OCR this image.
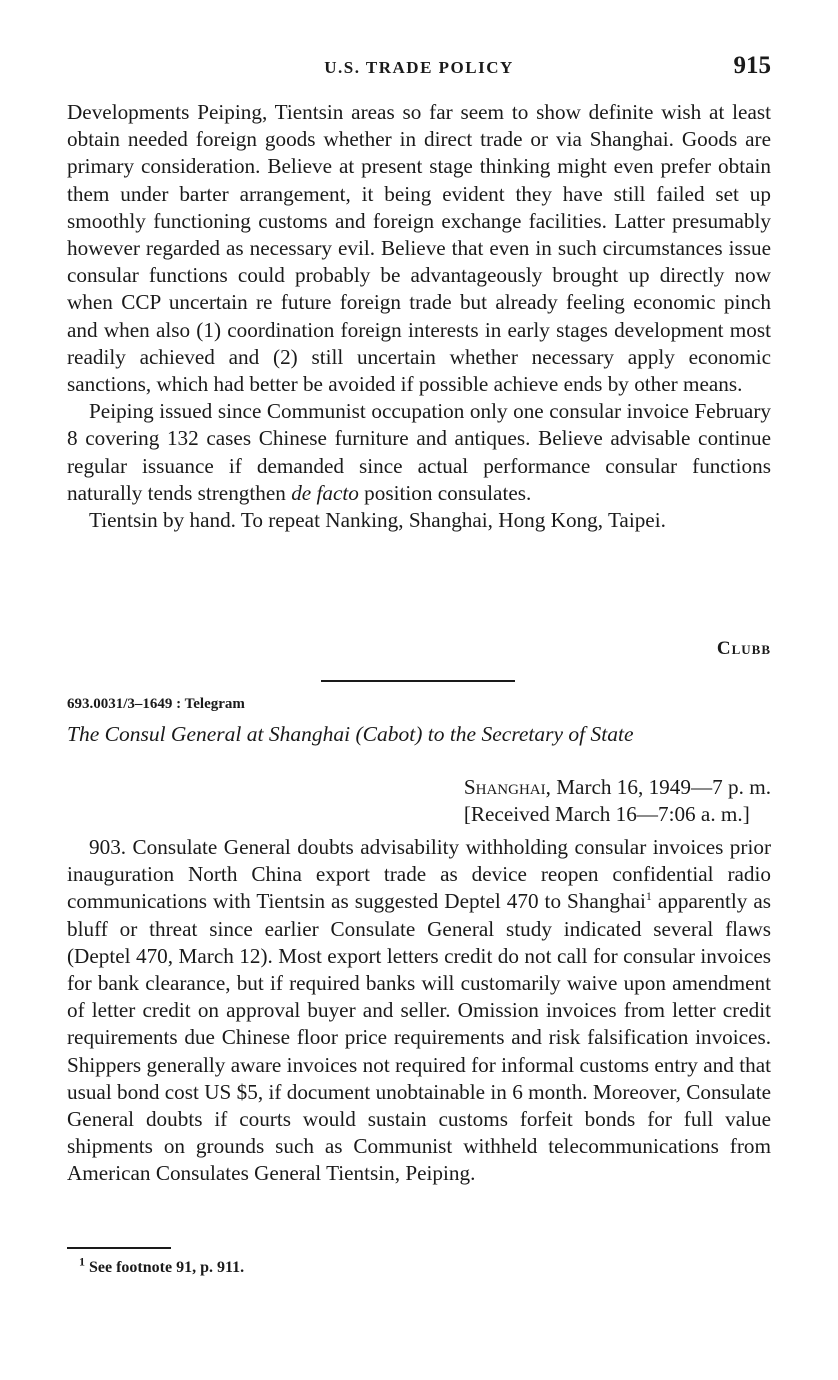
U.S. TRADE POLICY	915

Developments Peiping, Tientsin areas so far seem to show definite wish at least obtain needed foreign goods whether in direct trade or via Shanghai. Goods are primary consideration. Believe at present stage thinking might even prefer obtain them under barter arrangement, it being evident they have still failed set up smoothly functioning customs and foreign exchange facilities. Latter presumably however regarded as necessary evil. Believe that even in such circumstances issue consular functions could probably be advantageously brought up directly now when CCP uncertain re future foreign trade but already feeling economic pinch and when also (1) coordination foreign interests in early stages development most readily achieved and (2) still uncertain whether necessary apply economic sanctions, which had better be avoided if possible achieve ends by other means.

Peiping issued since Communist occupation only one consular invoice February 8 covering 132 cases Chinese furniture and antiques. Believe advisable continue regular issuance if demanded since actual performance consular functions naturally tends strengthen de facto position consulates.

Tientsin by hand. To repeat Nanking, Shanghai, Hong Kong, Taipei.

Clubb
693.0031/3–1649 : Telegram
The Consul General at Shanghai (Cabot) to the Secretary of State
Shanghai, March 16, 1949—7 p. m.
[Received March 16—7:06 a. m.]

903. Consulate General doubts advisability withholding consular invoices prior inauguration North China export trade as device reopen confidential radio communications with Tientsin as suggested Deptel 470 to Shanghai$^1$ apparently as bluff or threat since earlier Consulate General study indicated several flaws (Deptel 470, March 12). Most export letters credit do not call for consular invoices for bank clearance, but if required banks will customarily waive upon amendment of letter credit on approval buyer and seller. Omission invoices from letter credit requirements due Chinese floor price requirements and risk falsification invoices. Shippers generally aware invoices not required for informal customs entry and that usual bond cost US $5, if document unobtainable in 6 month. Moreover, Consulate General doubts if courts would sustain customs forfeit bonds for full value shipments on grounds such as Communist withheld telecommunications from American Consulates General Tientsin, Peiping.

$^1$ See footnote 91, p. 911.
